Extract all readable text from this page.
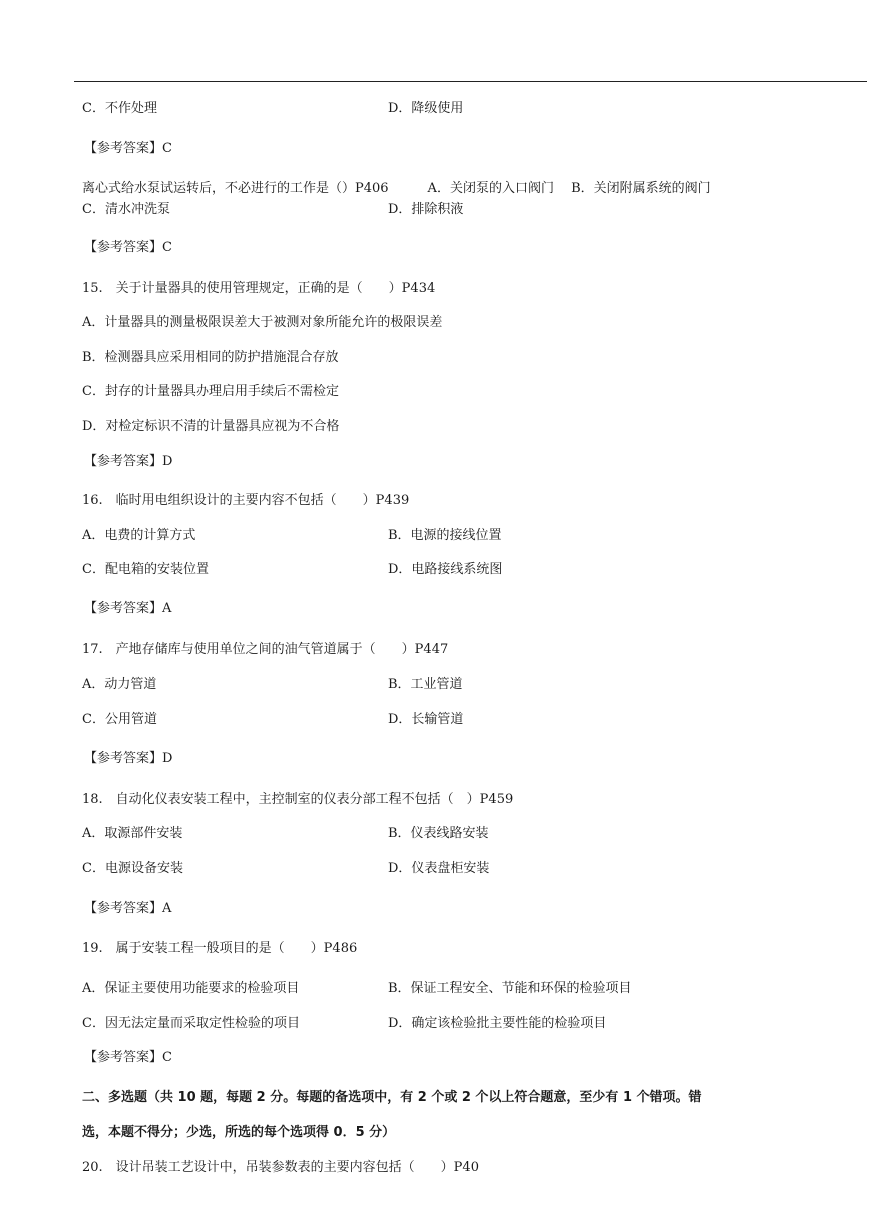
C．不作处理	D．降级使用
【参考答案】C
离心式给水泵试运转后，不必进行的工作是（）P406　　　A．关闭泵的入口阀门　 B．关闭附属系统的阀门
C．清水冲洗泵	D．排除积液
【参考答案】C
15.　关于计量器具的使用管理规定，正确的是（　　）P434
A．计量器具的测量极限误差大于被测对象所能允许的极限误差
B．检测器具应采用相同的防护措施混合存放
C．封存的计量器具办理启用手续后不需检定
D．对检定标识不清的计量器具应视为不合格
【参考答案】D
16.　临时用电组织设计的主要内容不包括（　　）P439
A．电费的计算方式	B．电源的接线位置
C．配电箱的安装位置	D．电路接线系统图
【参考答案】A
17.　产地存储库与使用单位之间的油气管道属于（　　）P447
A．动力管道	B．工业管道
C．公用管道	D．长输管道
【参考答案】D
18.　自动化仪表安装工程中，主控制室的仪表分部工程不包括（　）P459
A．取源部件安装	B．仪表线路安装
C．电源设备安装	D．仪表盘柜安装
【参考答案】A
19.　属于安装工程一般项目的是（　　）P486
A．保证主要使用功能要求的检验项目	B．保证工程安全、节能和环保的检验项目
C．因无法定量而采取定性检验的项目	D．确定该检验批主要性能的检验项目
【参考答案】C
二、多选题（共 10 题，每题 2 分。每题的备选项中，有 2 个或 2 个以上符合题意，至少有 1 个错项。错
选，本题不得分；少选，所选的每个选项得 0．5 分）
20.　设计吊装工艺设计中，吊装参数表的主要内容包括（　　）P40
